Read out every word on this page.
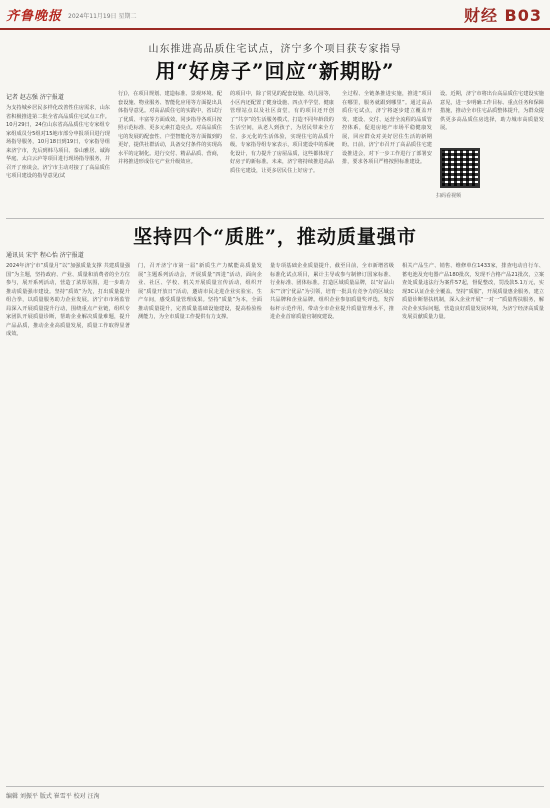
齐鲁晚报 2024年11月19日 星期二	财经 B03
山东推进高品质住宅试点，济宁多个项目获专家指导
用“好房子”回应“新期盼”
记者 赵志强 济宁报道
为支持城乡居民多样化改善性住房需求，山东省积极推进第二批全省高品质住宅试点工作。10月29日，24位山东省高品质住宅专家组专家组成员分5组对15地市部分申报项目进行现场指导服务，10月18日到19日，专家指导组来济宁市，先后到韩马项目、泰山雅居、诚海华庭、太白云庐等项目进行现场指导服务，并召开了座谈会。济宁市主动对接了了高品质住宅项目建设的指导意见(试
行)》，在项目规划、建造标准、景观环境、配套设施、物业服务、智能化应用等方面提出具体指导意见。对高品质住宅的实践中，省试行了优质、丰富等方面成效，同步指导各项目按照示范标准、更多元素打造亮点。对高品质住宅的发展的配套性、户型智能化等方面做到的更好，提供社群活动，具备交付条件的实现高水平的定制化。进行交付、精品品质、营商，并将推进形成住宅产业升级效应。
的项目中，除了常见的配套设施、幼儿园等，小区内还配置了健身设施、四点半学堂、健康管理站点以及社区食堂，有的项目还开创了“共享”的生活服务模式，打造不同年龄段的生活空间，从老人到孩子，为居民带来全方位、多元化的生活体验，实现住宅的品质升级。专家指导组专家表示，项目建设中的系统化设计，有力提升了房屋品质，这些都体现了好房子的新标准。未来，济宁将持续推进高品质住宅建设，让更多居民住上好房子。
全过程、全链条推进实施，推进“项目在哪里，服务就跟到哪里”。通过高品质住宅试点，济宁将逐步建立覆盖开发、建设、交付、运营全流程的品质管控体系，促进房地产市场平稳健康发展，回应群众对美好居住生活的新期盼。日前，济宁市召开了高品质住宅建设推进会，对下一步工作进行了部署安排，要求各项目严格按照标准建设。
设。近期，济宁市将出台高品质住宅建设实施意见，进一步明确工作目标、重点任务和保障措施，推动全市住宅品质整体提升，为群众提供更多高品质住房选择，助力城市高质量发展。
扫码看视频
坚持四个“质胜”，推动质量强市
通讯员 宋宇 程心怡 济宁报道
2024年济宁市“质量月”以“加强质量支撑 共建质量强国”为主题，坚持政府、产业、质量和消费者的全方位参与，展开系列活动，营造了浓厚氛围，进一步助力推动质量强市建设。坚持“质效”为先，打出质量提升组合拳，以质量服务助力企业发展。济宁市市场监管局深入开展质量提升行动，围绕重点产业链，组织专家团队开展质量诊断，帮助企业解决质量难题，提升产品品质，推动企业高质量发展，质量工作取得显著成效。
门，召开济宁市第一届“新质生产力赋能高质量发展”主题系列活动会，开展质量“四进”活动，面向企业、社区、学校、机关开展质量宣传活动，组织开展“质量开放日”活动，邀请市民走进企业实验室、生产车间，感受质量管理成果。坚持“质量”为本，全面推动质量提升，完善质量基础设施建设，提高检验检测能力，为全市质量工作提供有力支撑。
量专项基础企业质量提升，截至目前，全市新增省级标准化试点项目，累计主导或参与制修订国家标准、行业标准、团体标准。打造区域质量品牌，以“好品山东”“济宁优品”为引领，培育一批具有竞争力的区域公共品牌和企业品牌。组织企业参加质量奖评选，发挥标杆示范作用，带动全市企业提升质量管理水平，推进企业首席质量官制度建设。
相关产品生产、销售、维修单位1433家，排查电动自行车、蓄电池及充电器产品180批次，发现不合格产品21批次，立案查处质量违法行为案件57起，督促整改，罚没款5.1万元，实现3C认证企业全覆盖。坚持“质服”，开展质量惠企服务，建立质量诊断帮扶机制，深入企业开展“一对一”质量帮扶服务，解决企业实际问题，营造良好质量发展环境，为济宁经济高质量发展贡献质量力量。
编辑 刘振平 版式 崔雪平 校对 汪洵
